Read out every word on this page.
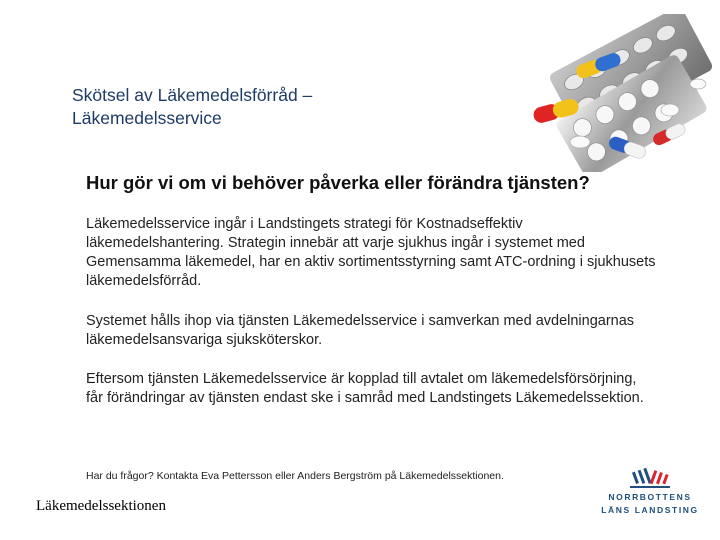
Skötsel av Läkemedelsförråd – Läkemedelsservice
Hur gör vi om vi behöver påverka eller förändra tjänsten?

Läkemedelsservice ingår i Landstingets strategi för Kostnadseffektiv läkemedelshantering. Strategin innebär att varje sjukhus ingår i systemet med Gemensamma läkemedel, har en aktiv sortimentsstyrning samt ATC-ordning i sjukhusets läkemedelsförråd.

Systemet hålls ihop via tjänsten Läkemedelsservice i samverkan med avdelningarnas läkemedelsansvariga sjuksköterskor.

Eftersom tjänsten Läkemedelsservice är kopplad till avtalet om läkemedelsförsörjning, får förändringar av tjänsten endast ske i samråd med Landstingets Läkemedelssektion.

Har du frågor? Kontakta Eva Pettersson eller Anders Bergström på Läkemedelssektionen.
Läkemedelssektionen
NORRBOTTENS
LÄNS LANDSTING
